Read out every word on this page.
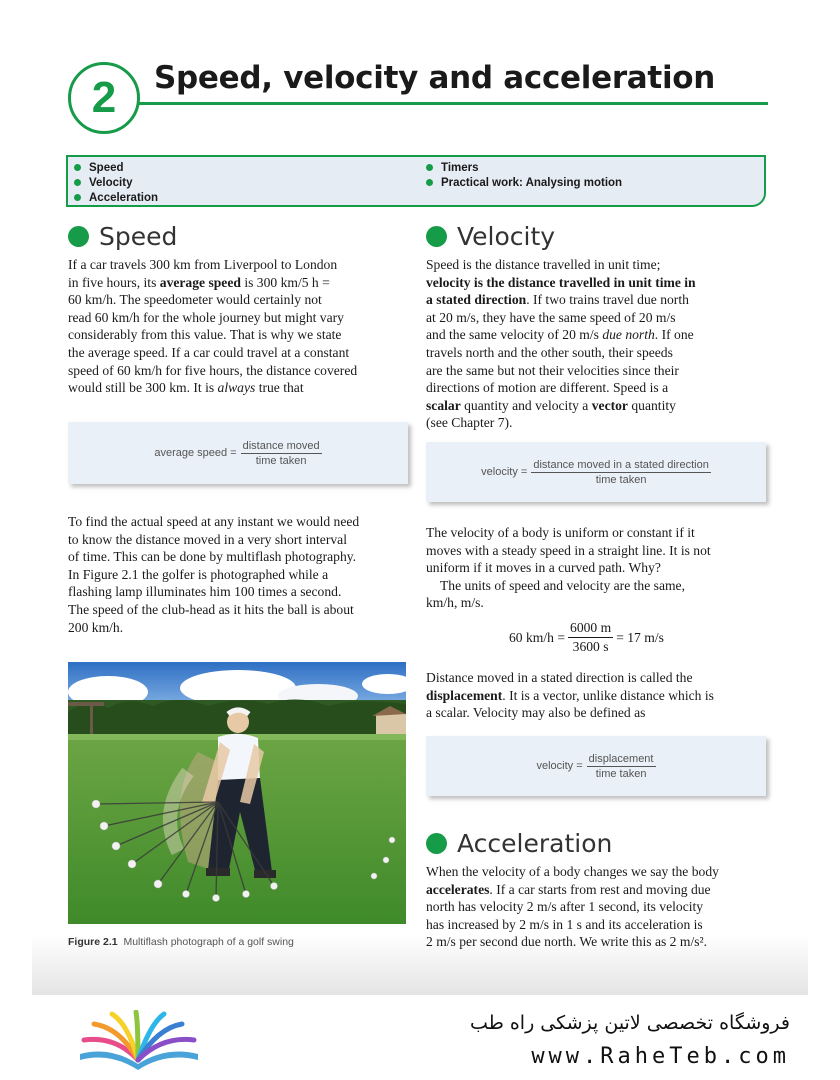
2 Speed, velocity and acceleration
Speed
Velocity
Acceleration
Timers
Practical work: Analysing motion
Speed

If a car travels 300 km from Liverpool to London
in five hours, its average speed is 300 km/5 h =
60 km/h. The speedometer would certainly not
read 60 km/h for the whole journey but might vary
considerably from this value. That is why we state
the average speed. If a car could travel at a constant
speed of 60 km/h for five hours, the distance covered
would still be 300 km. It is always true that

average speed = $\frac{\text{distance moved}}{\text{time taken}}$

To find the actual speed at any instant we would need
to know the distance moved in a very short interval
of time. This can be done by multiflash photography.
In Figure 2.1 the golfer is photographed while a
flashing lamp illuminates him 100 times a second.
The speed of the club-head as it hits the ball is about
200 km/h.

Figure 2.1 Multiflash photograph of a golf swing
Velocity

Speed is the distance travelled in unit time;
velocity is the distance travelled in unit time in
a stated direction. If two trains travel due north
at 20 m/s, they have the same speed of 20 m/s
and the same velocity of 20 m/s due north. If one
travels north and the other south, their speeds
are the same but not their velocities since their
directions of motion are different. Speed is a
scalar quantity and velocity a vector quantity
(see Chapter 7).

velocity = $\frac{\text{distance moved in a stated direction}}{\text{time taken}}$

The velocity of a body is uniform or constant if it
moves with a steady speed in a straight line. It is not
uniform if it moves in a curved path. Why?
The units of speed and velocity are the same,
km/h, m/s.

60 $km/h = \frac{6000 m}{3600 s} = 17$ m/s

Distance moved in a stated direction is called the
displacement. It is a vector, unlike distance which is
a scalar. Velocity may also be defined as

velocity = $\frac{\text{displacement}}{\text{time taken}}$
Acceleration

When the velocity of a body changes we say the body
accelerates. If a car starts from rest and moving due
north has velocity 2 m/s after 1 second, its velocity
has increased by 2 m/s in 1 s and its acceleration is
2 m/s per second due north. We write this as 2 m/s².

فروشگاه تخصصی لاتین پزشکی راه طب
www.RaheTeb.com
